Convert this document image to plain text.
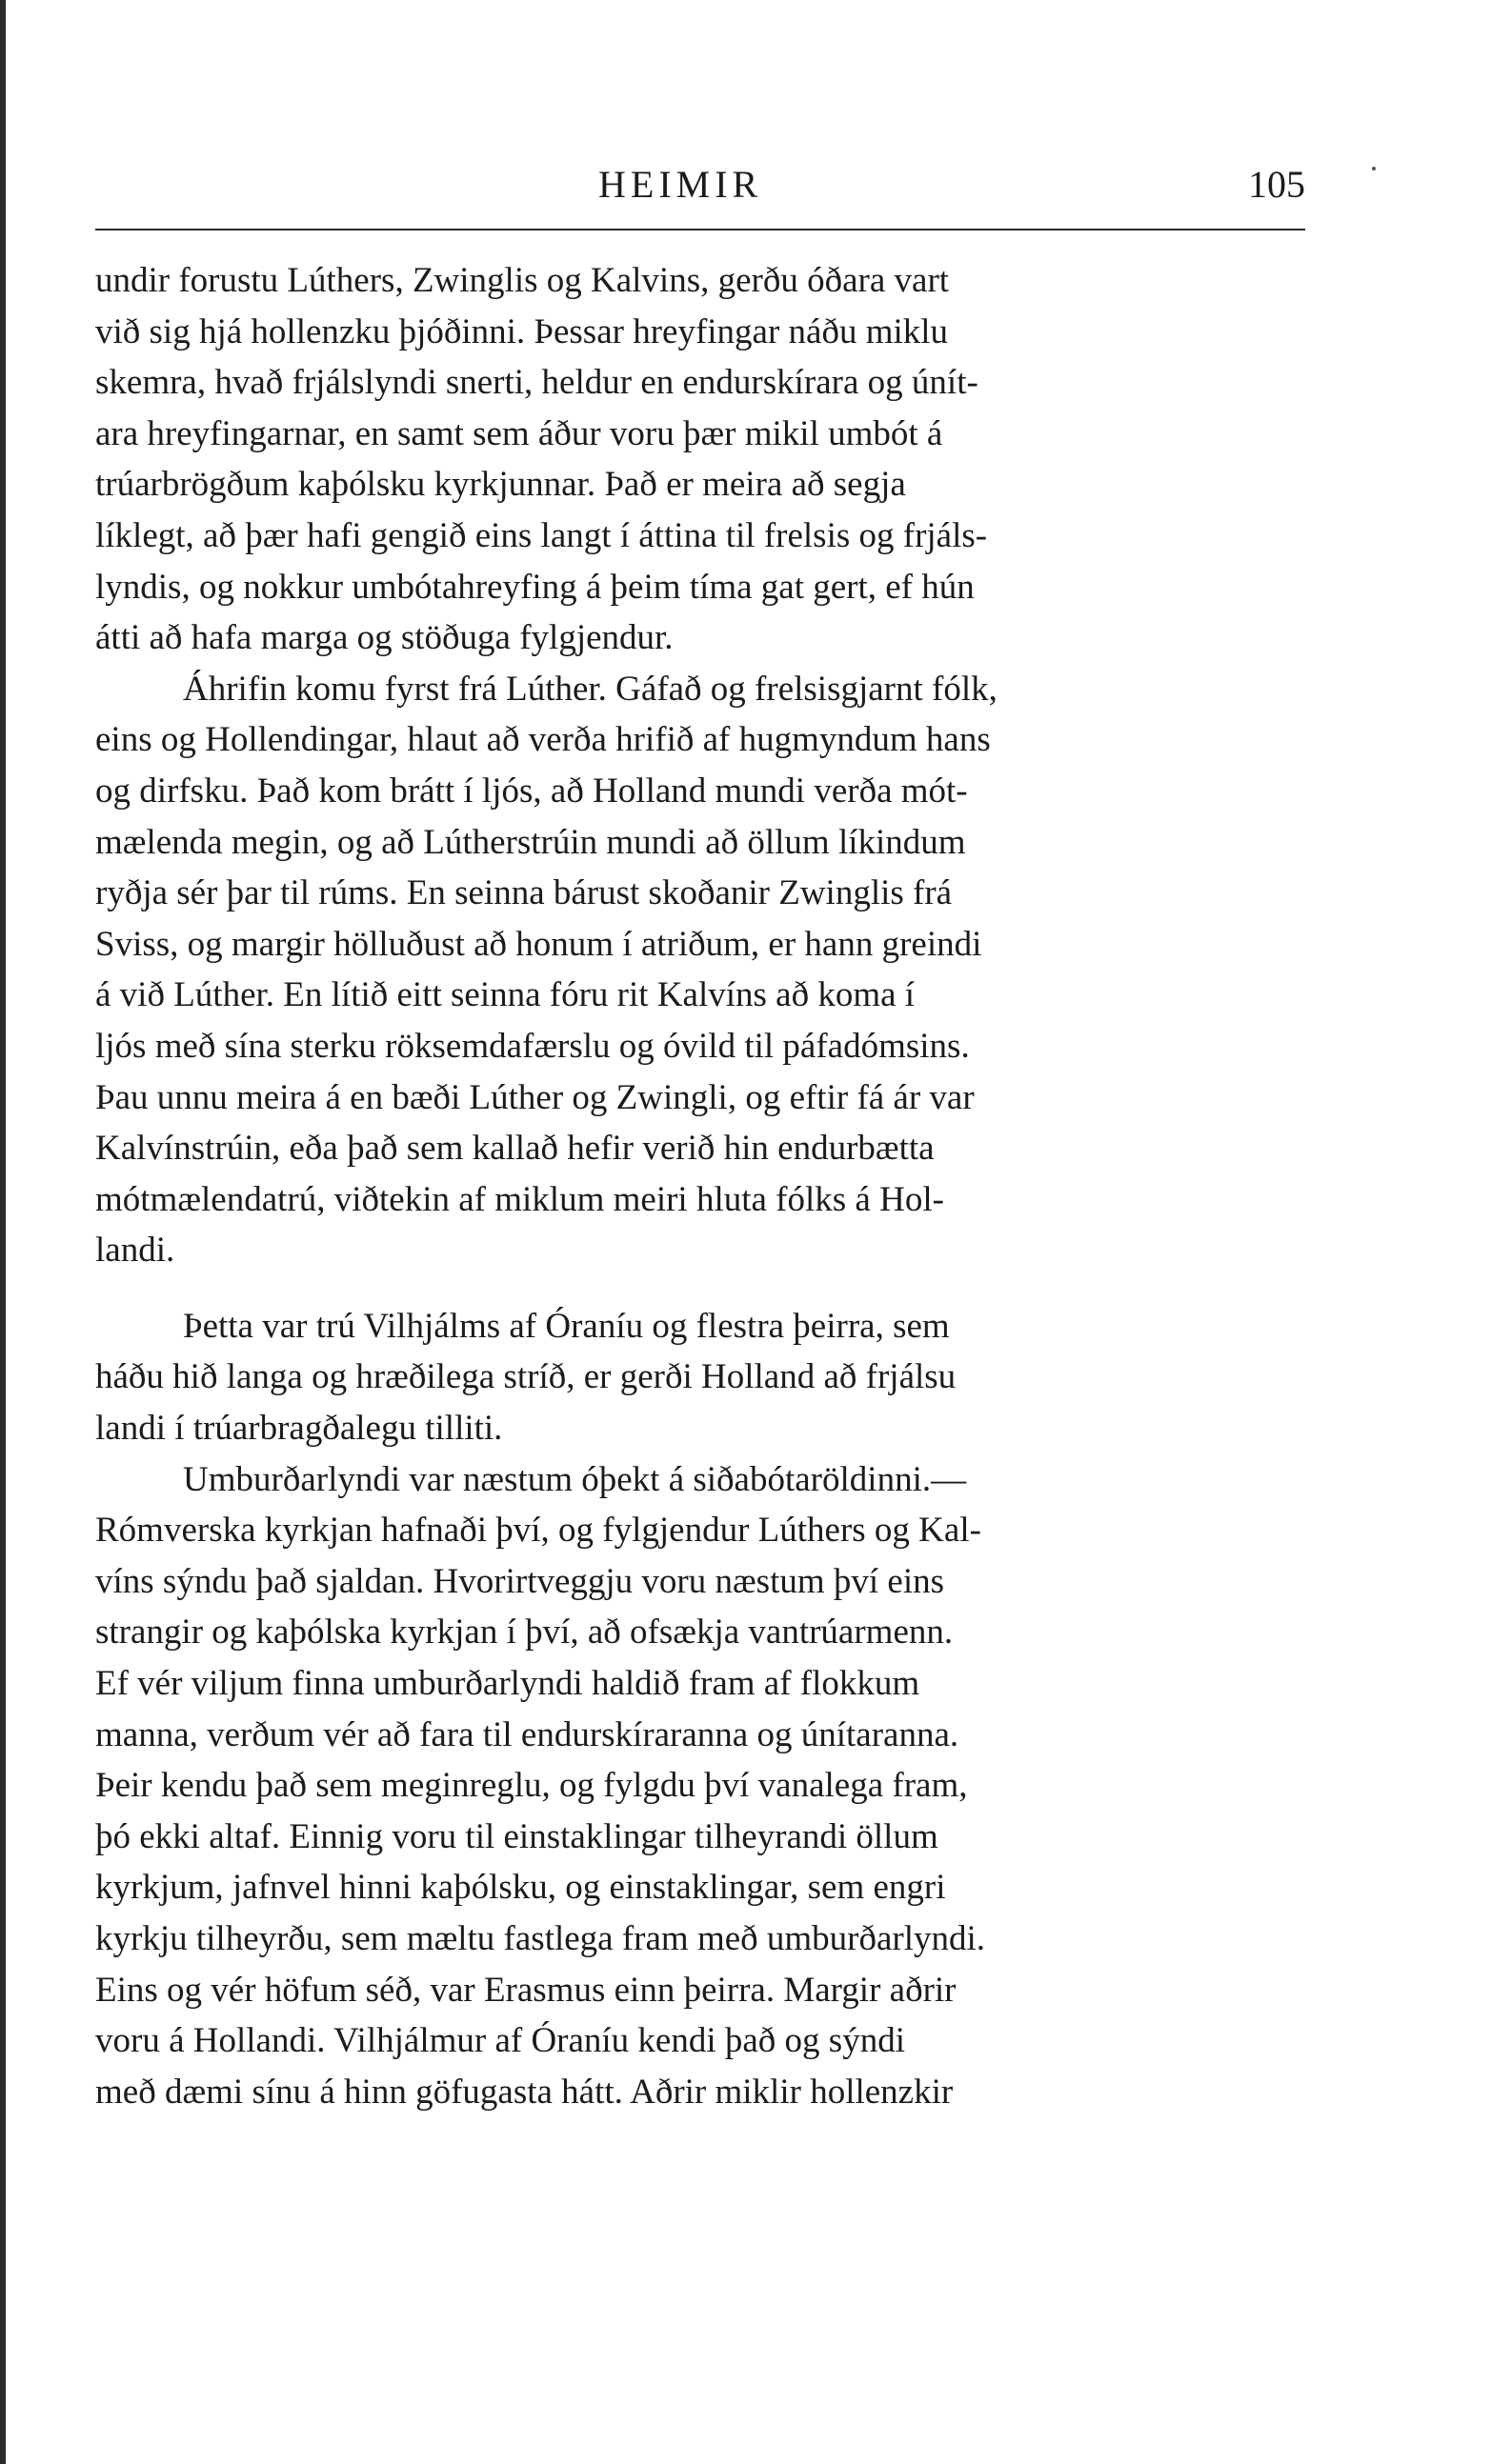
HEIMIR	105
undir forustu Lúthers, Zwinglis og Kalvins, gerðu óðara vart
við sig hjá hollenzku þjóðinni. Þessar hreyfingar náðu miklu
skemra, hvað frjálslyndi snerti, heldur en endurskírara og únít-
ara hreyfingarnar, en samt sem áður voru þær mikil umbót á
trúarbrögðum kaþólsku kyrkjunnar. Það er meira að segja
líklegt, að þær hafi gengið eins langt í áttina til frelsis og frjáls-
lyndis, og nokkur umbótahreyfing á þeim tíma gat gert, ef hún
átti að hafa marga og stöðuga fylgjendur.
Áhrifin komu fyrst frá Lúther. Gáfað og frelsisgjarnt fólk,
eins og Hollendingar, hlaut að verða hrifið af hugmyndum hans
og dirfsku. Það kom brátt í ljós, að Holland mundi verða mót-
mælenda megin, og að Lútherstrúin mundi að öllum líkindum
ryðja sér þar til rúms. En seinna bárust skoðanir Zwinglis frá
Sviss, og margir hölluðust að honum í atriðum, er hann greindi
á við Lúther. En lítið eitt seinna fóru rit Kalvíns að koma í
ljós með sína sterku röksemdafærslu og óvild til páfadómsins.
Þau unnu meira á en bæði Lúther og Zwingli, og eftir fá ár var
Kalvínstrúin, eða það sem kallað hefir verið hin endurbætta
mótmælendatrú, viðtekin af miklum meiri hluta fólks á Hol-
landi.
Þetta var trú Vilhjálms af Óraníu og flestra þeirra, sem
háðu hið langa og hræðilega stríð, er gerði Holland að frjálsu
landi í trúarbragðalegu tilliti.
Umburðarlyndi var næstum óþekt á siðabótaröldinni.—
Rómverska kyrkjan hafnaði því, og fylgjendur Lúthers og Kal-
víns sýndu það sjaldan. Hvorirtveggju voru næstum því eins
strangir og kaþólska kyrkjan í því, að ofsækja vantrúarmenn.
Ef vér viljum finna umburðarlyndi haldið fram af flokkum
manna, verðum vér að fara til endurskíraranna og únítaranna.
Þeir kendu það sem meginreglu, og fylgdu því vanalega fram,
þó ekki altaf. Einnig voru til einstaklingar tilheyrandi öllum
kyrkjum, jafnvel hinni kaþólsku, og einstaklingar, sem engri
kyrkju tilheyrðu, sem mæltu fastlega fram með umburðarlyndi.
Eins og vér höfum séð, var Erasmus einn þeirra. Margir aðrir
voru á Hollandi. Vilhjálmur af Óraníu kendi það og sýndi
með dæmi sínu á hinn göfugasta hátt. Aðrir miklir hollenzkir
